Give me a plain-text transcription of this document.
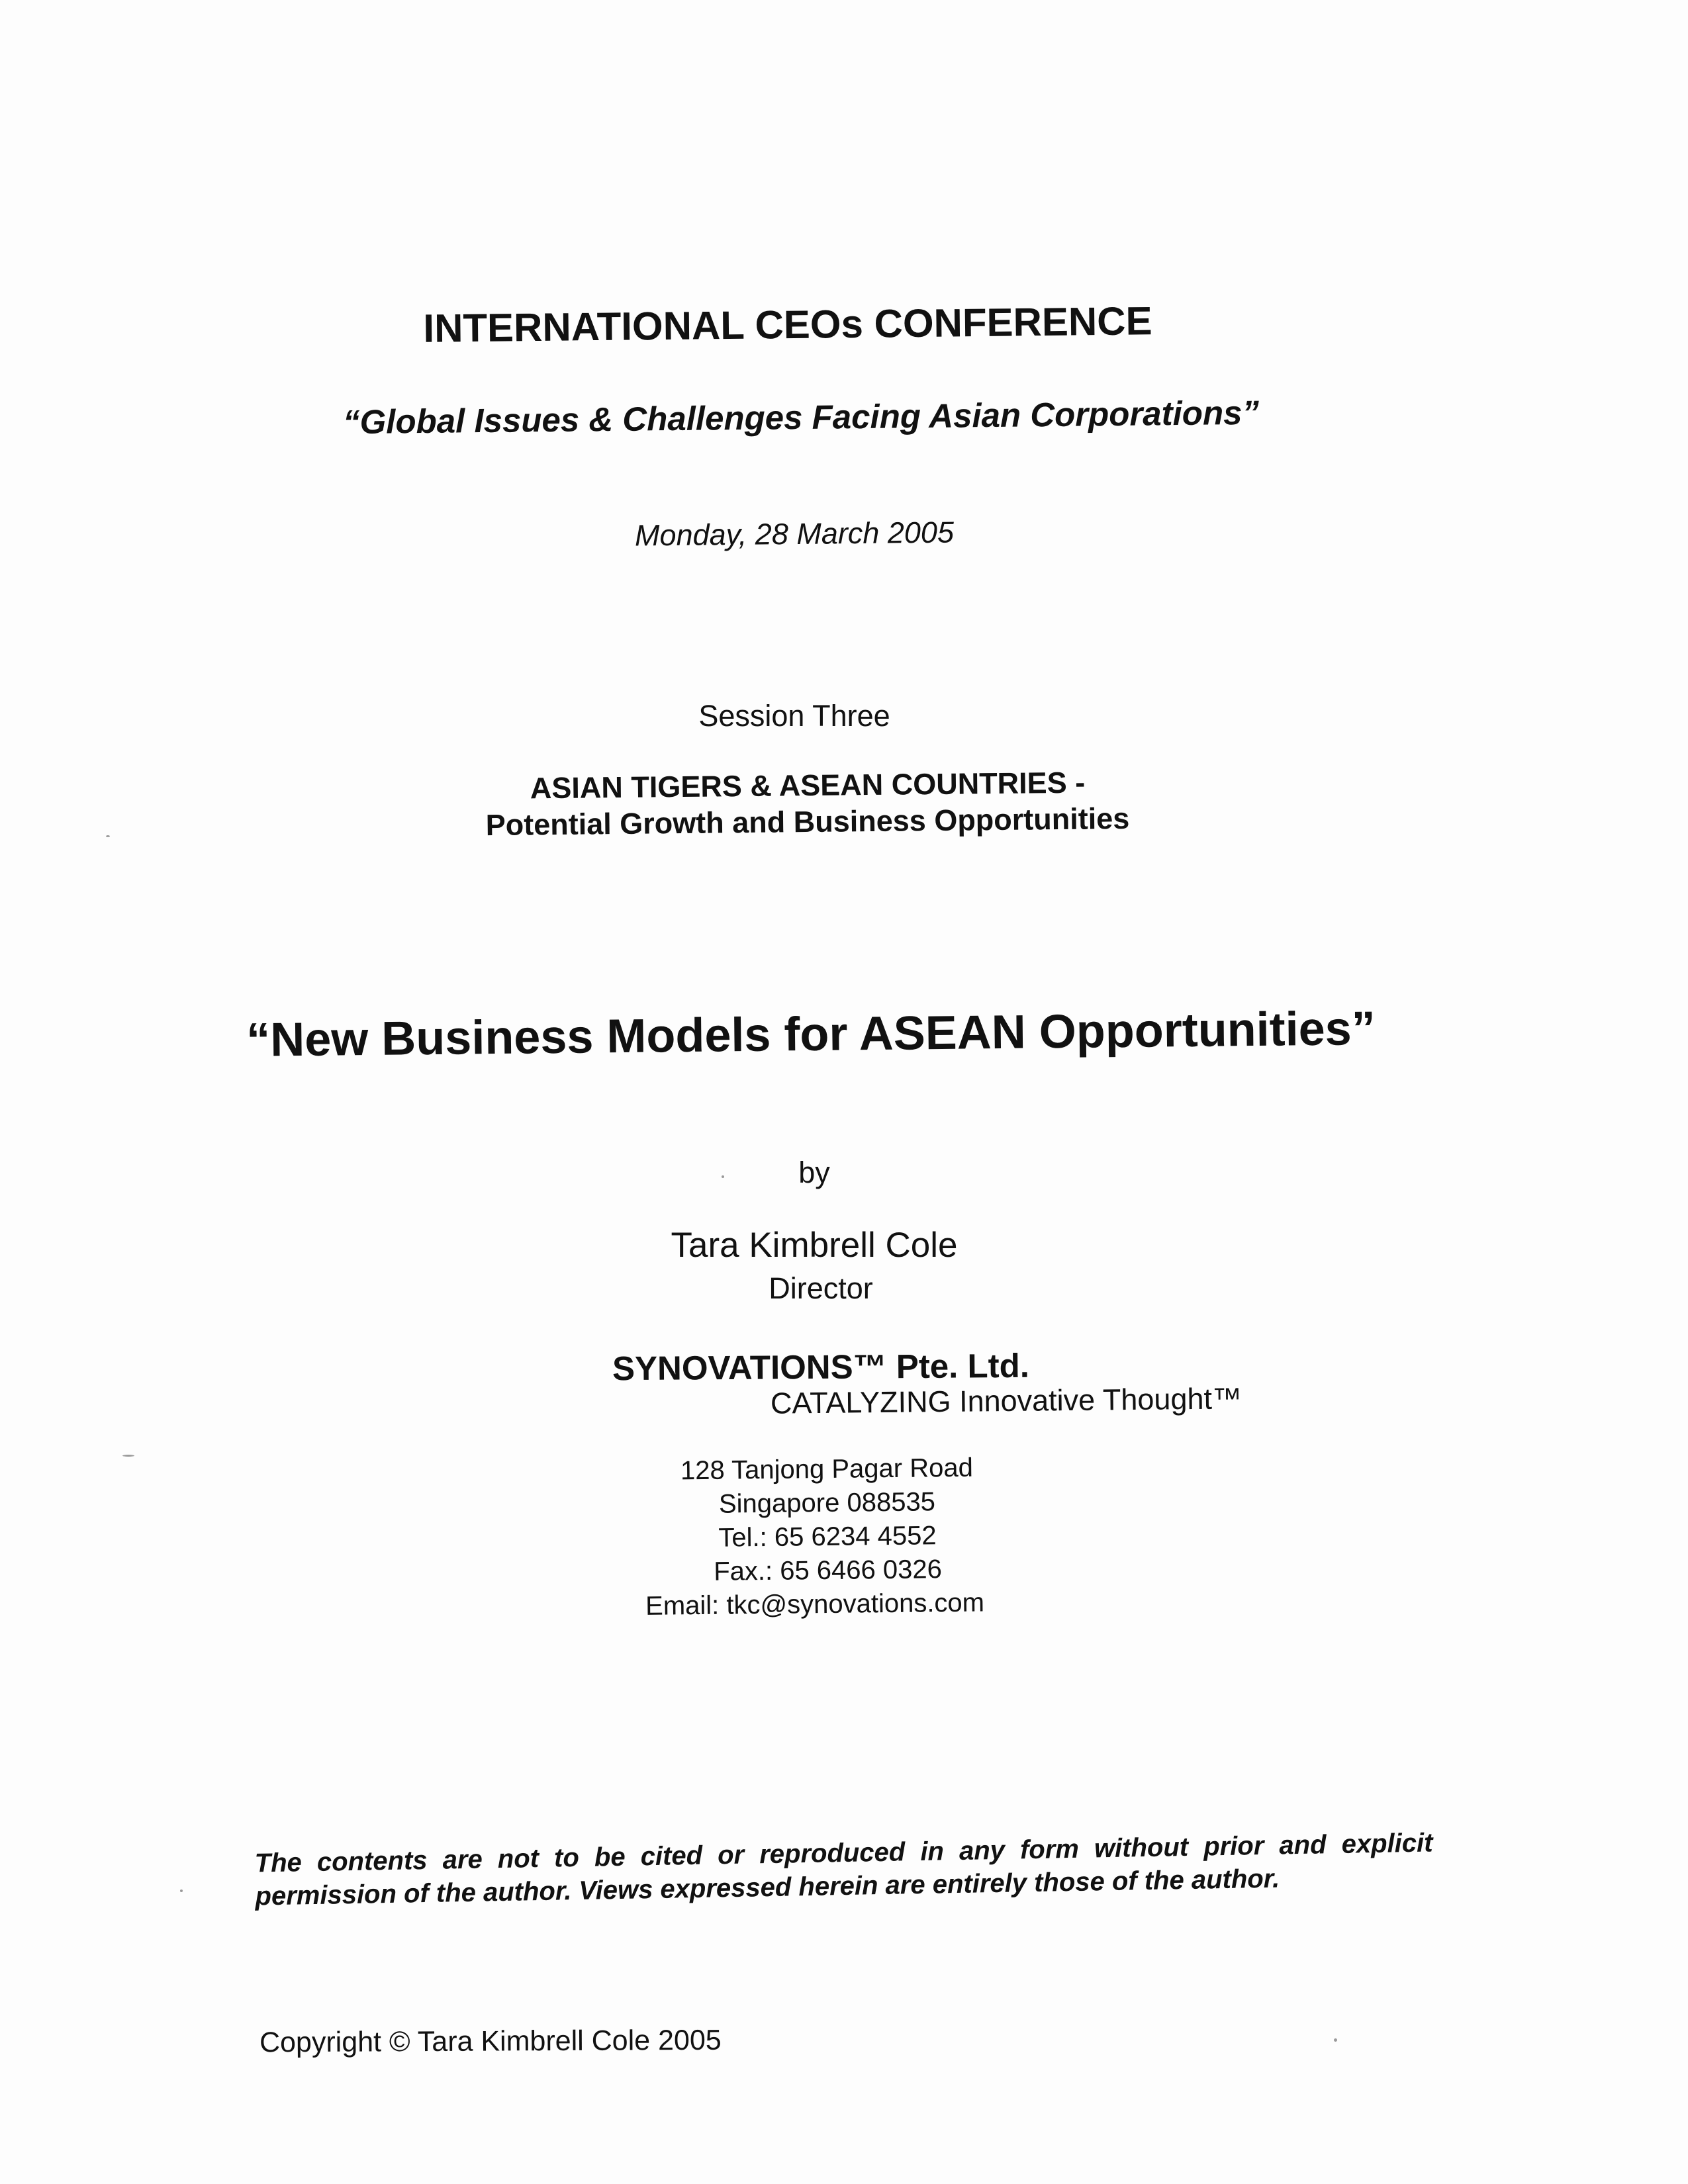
INTERNATIONAL CEOs CONFERENCE
“Global Issues & Challenges Facing Asian Corporations”
Monday, 28 March 2005
Session Three
ASIAN TIGERS & ASEAN COUNTRIES -
Potential Growth and Business Opportunities
“New Business Models for ASEAN Opportunities”
by
Tara Kimbrell Cole
Director
SYNOVATIONS™ Pte. Ltd.
CATALYZING Innovative Thought™
128 Tanjong Pagar Road
Singapore 088535
Tel.: 65 6234 4552
Fax.: 65 6466 0326
Email: tkc@synovations.com
The contents are not to be cited or reproduced in any form without prior and explicit permission of the author. Views expressed herein are entirely those of the author.
Copyright © Tara Kimbrell Cole 2005
